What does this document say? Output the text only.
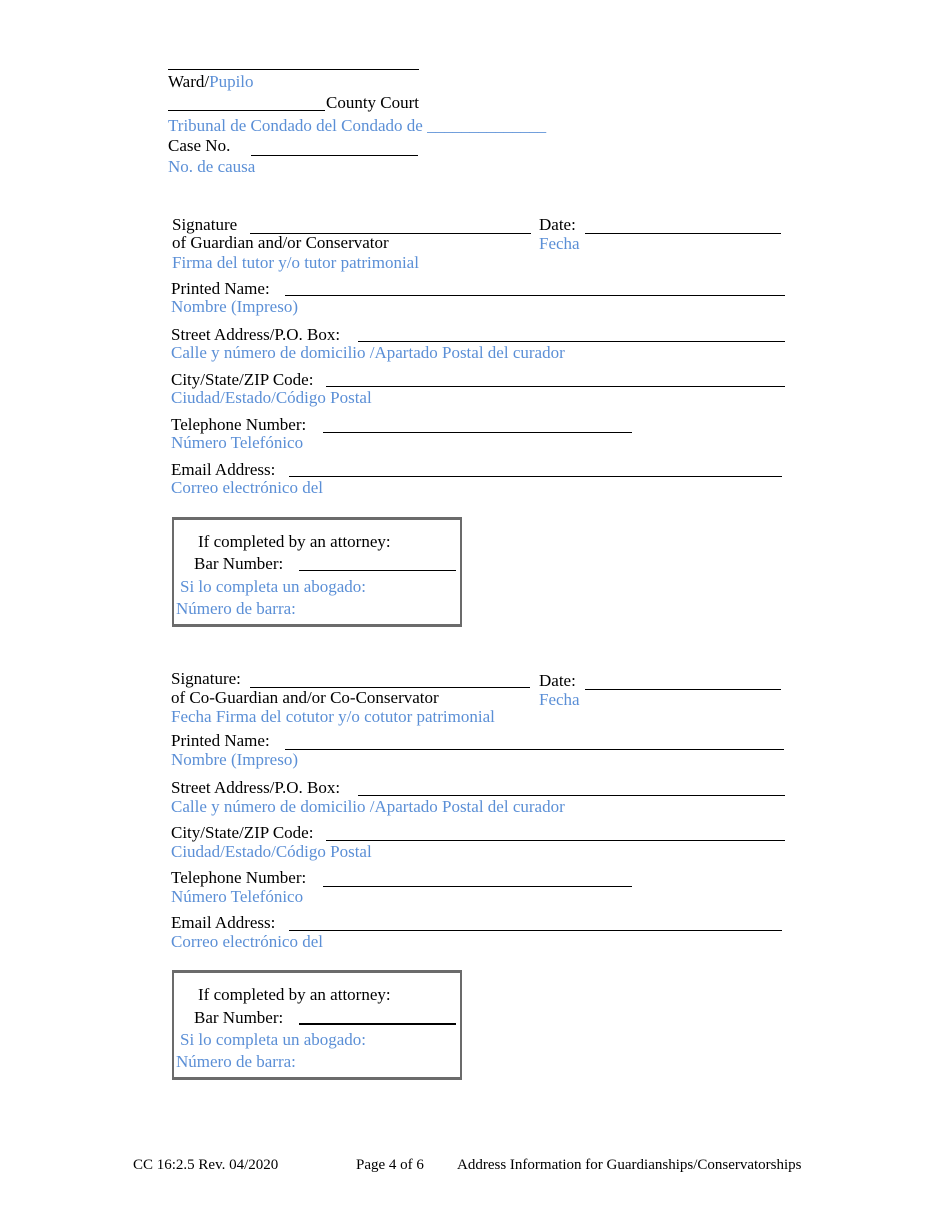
Ward/Pupilo
County Court
Tribunal de Condado del Condado de ______________
Case No.
No. de causa
Signature
of Guardian and/or Conservator
Firma del tutor y/o tutor patrimonial
Date:
Fecha
Printed Name:
Nombre (Impreso)
Street Address/P.O. Box:
Calle y número de domicilio /Apartado Postal del curador
City/State/ZIP Code:
Ciudad/Estado/Código Postal
Telephone Number:
Número Telefónico
Email Address:
Correo electrónico del
If completed by an attorney:
Bar Number:
Si lo completa un abogado:
Número de barra:
Signature:
of Co-Guardian and/or Co-Conservator
Fecha Firma del cotutor y/o cotutor patrimonial
Date:
Fecha
Printed Name:
Nombre (Impreso)
Street Address/P.O. Box:
Calle y número de domicilio /Apartado Postal del curador
City/State/ZIP Code:
Ciudad/Estado/Código Postal
Telephone Number:
Número Telefónico
Email Address:
Correo electrónico del
If completed by an attorney:
Bar Number:
Si lo completa un abogado:
Número de barra:
CC 16:2.5 Rev. 04/2020	Page 4 of 6 Address Information for Guardianships/Conservatorships
